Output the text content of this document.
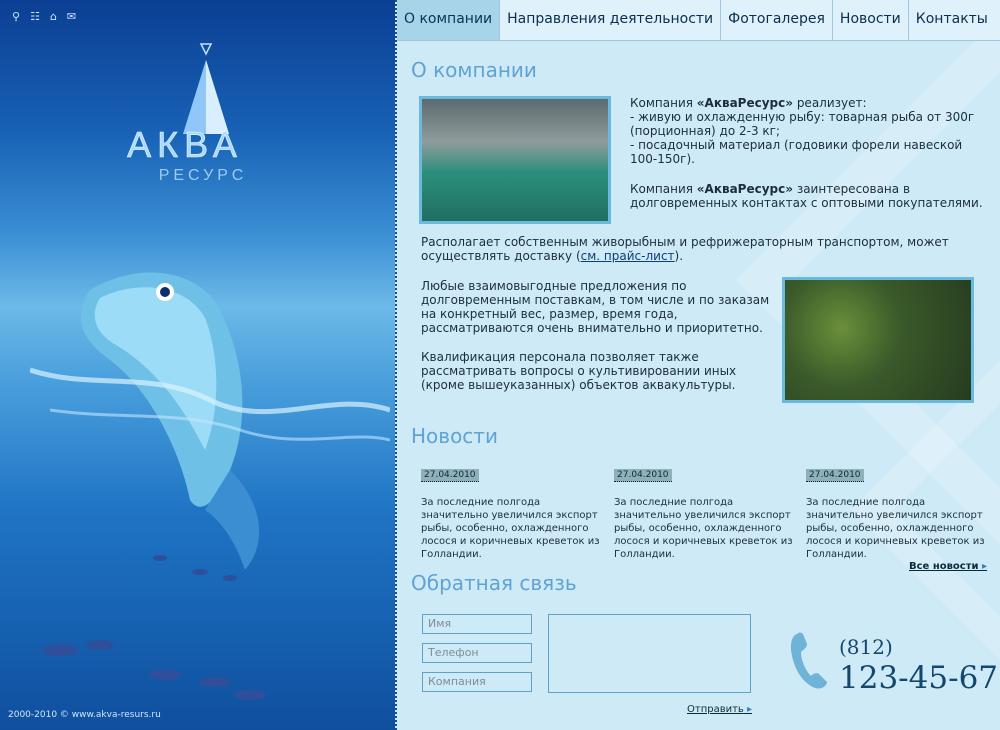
⚲ ☷ ⌂ ✉
АКВА
РЕСУРС
2000-2010 © www.akva-resurs.ru
О компании	Направления деятельности	Фотогалерея	Новости	Контакты
О компании
Компания «АкваРесурс» реализует:
- живую и охлажденную рыбу: товарная рыба от 300г (порционная) до 2-3 кг;
- посадочный материал (годовики форели навеской 100-150г).
Компания «АкваРесурс» заинтересована в долговременных контактах с оптовыми покупателями.
Располагает собственным живорыбным и рефрижераторным транспортом, может осуществлять доставку (см. прайс-лист).
Любые взаимовыгодные предложения по долговременным поставкам, в том числе и по заказам на конкретный вес, размер, время года, рассматриваются очень внимательно и приоритетно.
Квалификация персонала позволяет также рассматривать вопросы о культивировании иных (кроме вышеуказанных) объектов аквакультуры.
Новости
27.04.2010
За последние полгода значительно увеличился экспорт рыбы, особенно, охлажденного лосося и коричневых креветок из Голландии.
27.04.2010
За последние полгода значительно увеличился экспорт рыбы, особенно, охлажденного лосося и коричневых креветок из Голландии.
27.04.2010
За последние полгода значительно увеличился экспорт рыбы, особенно, охлажденного лосося и коричневых креветок из Голландии.
Все новости ▸
Обратная связь
Имя
Телефон
Компания
Отправить ▸
(812)
123-45-67
